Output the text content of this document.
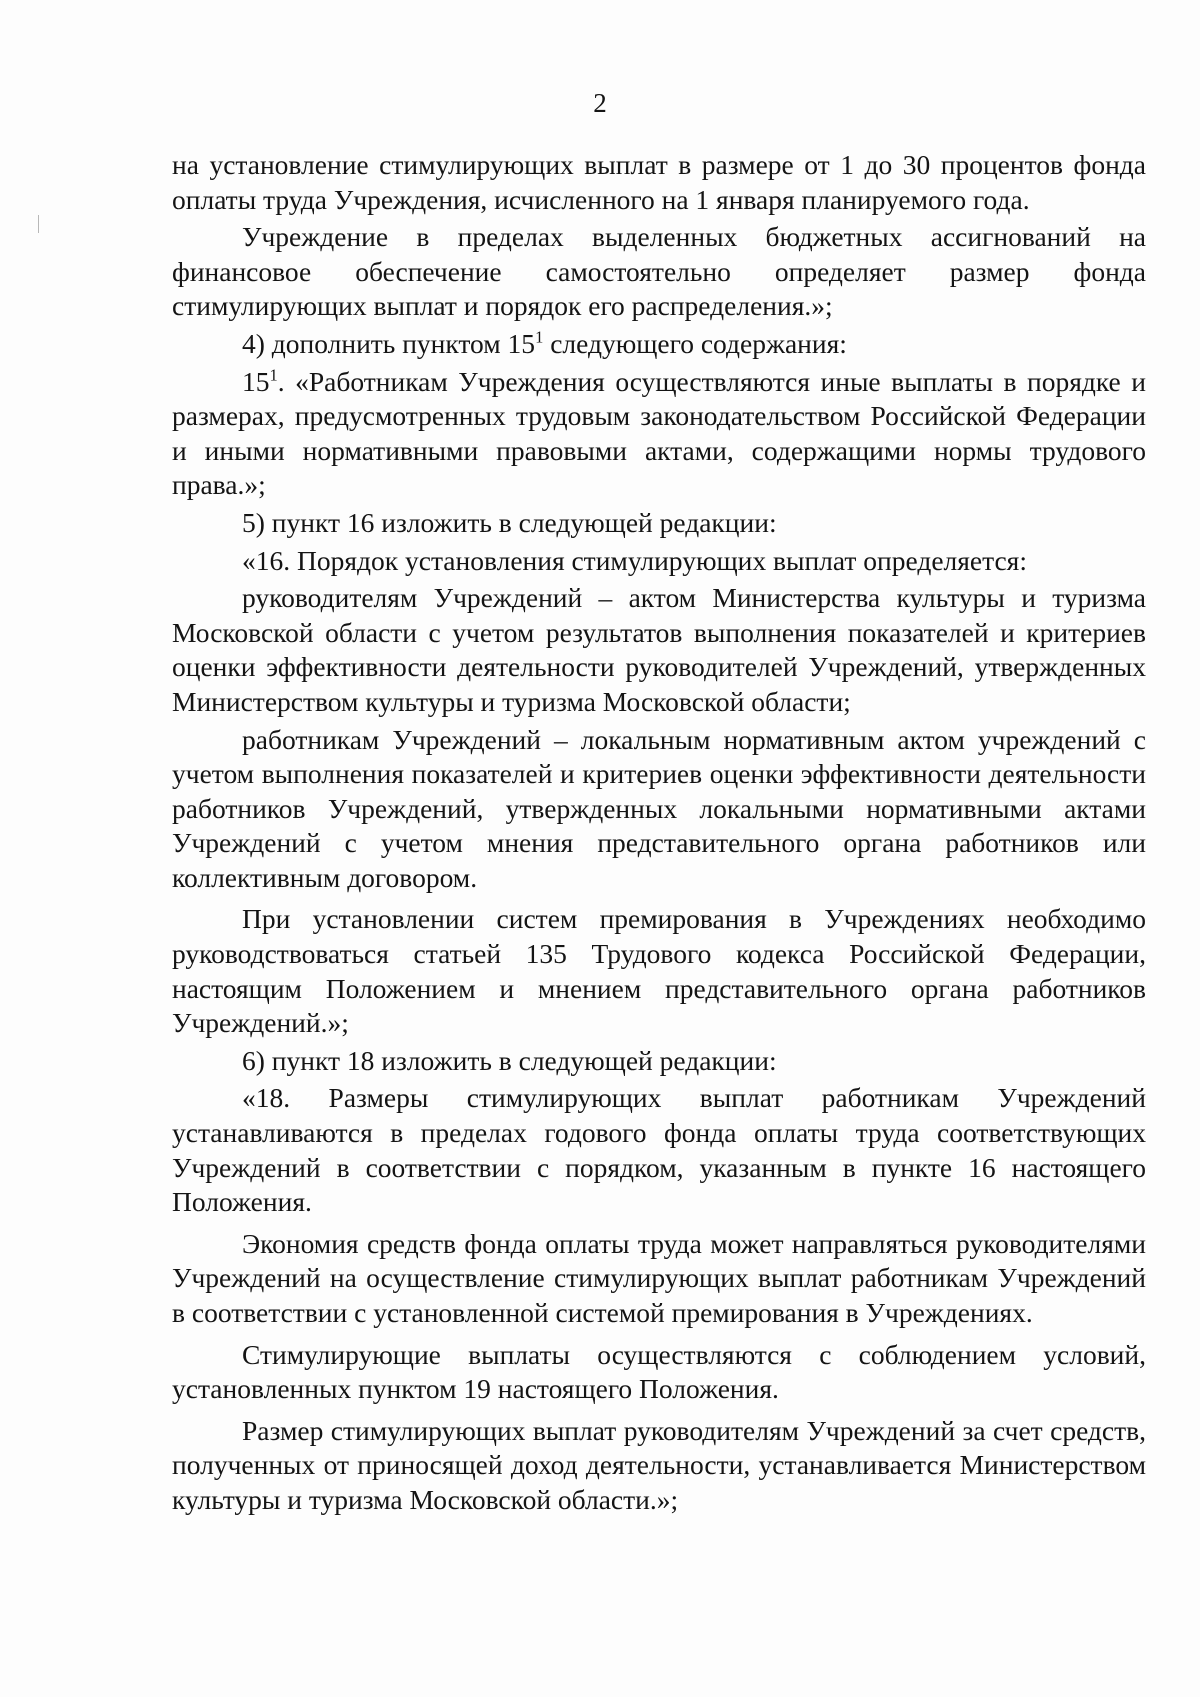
2

на установление стимулирующих выплат в размере от 1 до 30 процентов фонда оплаты труда Учреждения, исчисленного на 1 января планируемого года.

Учреждение в пределах выделенных бюджетных ассигнований на финансовое обеспечение самостоятельно определяет размер фонда стимулирующих выплат и порядок его распределения.»;

4) дополнить пунктом $15^1$ следующего содержания:

$15^1$. «Работникам Учреждения осуществляются иные выплаты в порядке и размерах, предусмотренных трудовым законодательством Российской Федерации и иными нормативными правовыми актами, содержащими нормы трудового права.»;

5) пункт 16 изложить в следующей редакции:

«16. Порядок установления стимулирующих выплат определяется:

руководителям Учреждений – актом Министерства культуры и туризма Московской области с учетом результатов выполнения показателей и критериев оценки эффективности деятельности руководителей Учреждений, утвержденных Министерством культуры и туризма Московской области;

работникам Учреждений – локальным нормативным актом учреждений с учетом выполнения показателей и критериев оценки эффективности деятельности работников Учреждений, утвержденных локальными нормативными актами Учреждений с учетом мнения представительного органа работников или коллективным договором.

При установлении систем премирования в Учреждениях необходимо руководствоваться статьей 135 Трудового кодекса Российской Федерации, настоящим Положением и мнением представительного органа работников Учреждений.»;

6) пункт 18 изложить в следующей редакции:

«18. Размеры стимулирующих выплат работникам Учреждений устанавливаются в пределах годового фонда оплаты труда соответствующих Учреждений в соответствии с порядком, указанным в пункте 16 настоящего Положения.

Экономия средств фонда оплаты труда может направляться руководителями Учреждений на осуществление стимулирующих выплат работникам Учреждений в соответствии с установленной системой премирования в Учреждениях.

Стимулирующие выплаты осуществляются с соблюдением условий, установленных пунктом 19 настоящего Положения.

Размер стимулирующих выплат руководителям Учреждений за счет средств, полученных от приносящей доход деятельности, устанавливается Министерством культуры и туризма Московской области.»;
